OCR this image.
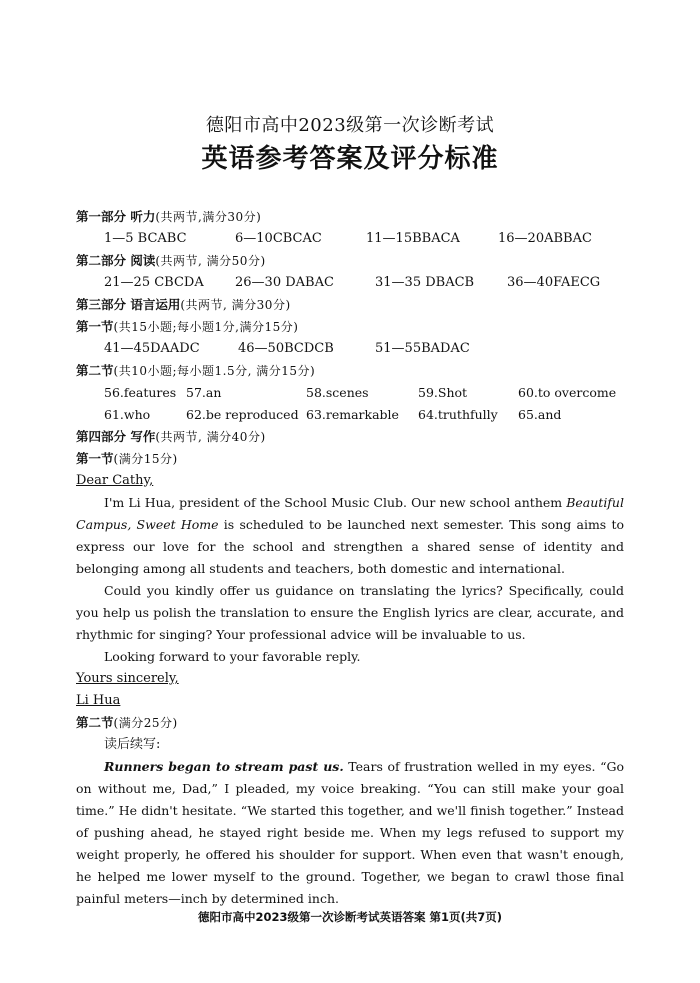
德阳市高中2023级第一次诊断考试
英语参考答案及评分标准
第一部分 听力(共两节,满分30分)
1—5 BCABC	6—10CBCAC	11—15BBACA	16—20ABBAC
第二部分 阅读(共两节, 满分50分)
21—25 CBCDA 26—30 DABAC	31—35 DBACB	36—40FAECG
第三部分 语言运用(共两节, 满分30分)
第一节(共15小题;每小题1分,满分15分)
41—45DAADC	46—50BCDCB	51—55BADAC
第二节(共10小题;每小题1.5分, 满分15分)
56.features 57.an	58.scenes	59.Shot	60.to overcome
61.who	62.be reproduced 63.remarkable 64.truthfully 65.and
第四部分 写作(共两节, 满分40分)
第一节(满分15分)
Dear Cathy,

I'm Li Hua, president of the School Music Club. Our new school anthem Beautiful Campus, Sweet Home is scheduled to be launched next semester. This song aims to express our love for the school and strengthen a shared sense of identity and belonging among all students and teachers, both domestic and international.

Could you kindly offer us guidance on translating the lyrics? Specifically, could you help us polish the translation to ensure the English lyrics are clear, accurate, and rhythmic for singing? Your professional advice will be invaluable to us.

Looking forward to your favorable reply.

Yours sincerely,
Li Hua
第二节(满分25分)
读后续写:

Runners began to stream past us. Tears of frustration welled in my eyes. “Go on without me, Dad,” I pleaded, my voice breaking. “You can still make your goal time.” He didn't hesitate. “We started this together, and we'll finish together.” Instead of pushing ahead, he stayed right beside me. When my legs refused to support my weight properly, he offered his shoulder for support. When even that wasn't enough, he helped me lower myself to the ground. Together, we began to crawl those final painful meters—inch by determined inch.

德阳市高中2023级第一次诊断考试英语答案 第1页(共7页)
